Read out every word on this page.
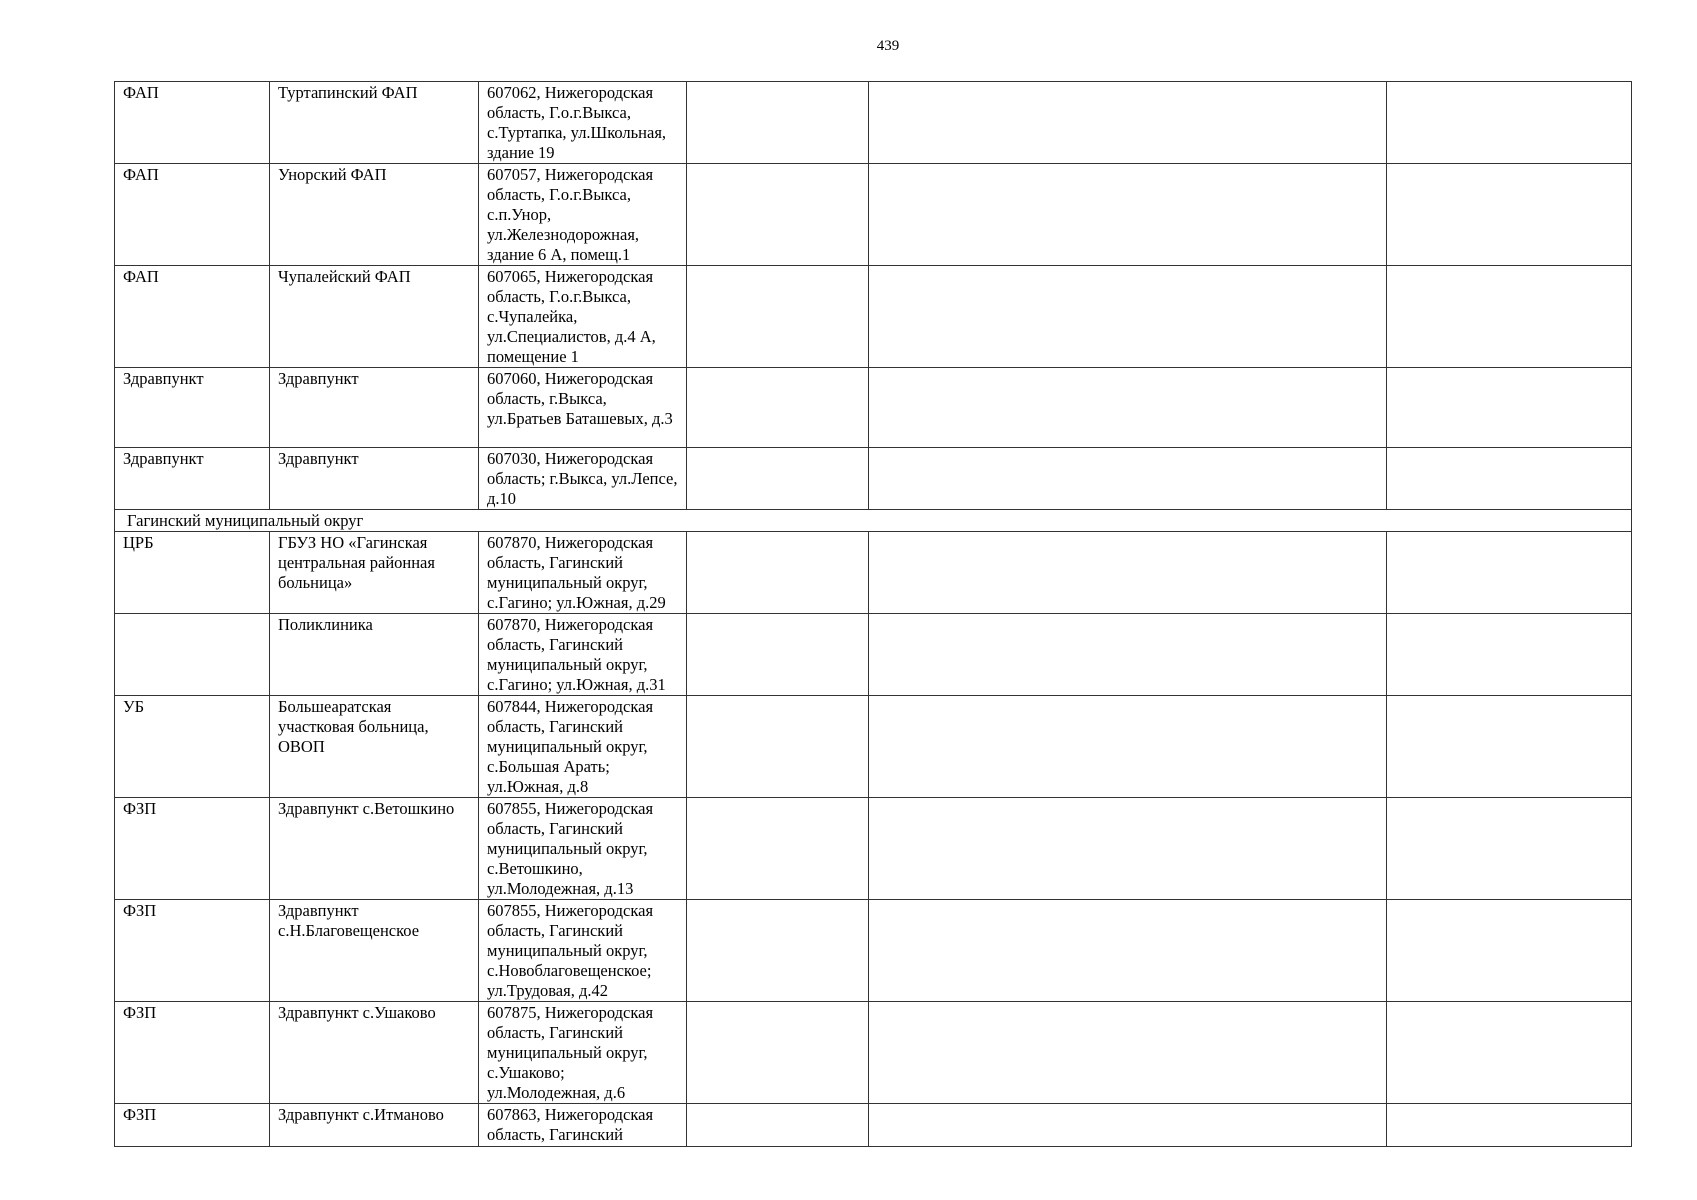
439
ФАП	Туртапинский ФАП	607062, Нижегородская область, Г.о.г.Выкса, с.Туртапка, ул.Школьная, здание 19			
ФАП	Унорский ФАП	607057, Нижегородская область, Г.о.г.Выкса, с.п.Унор, ул.Железнодорожная, здание 6 А, помещ.1			
ФАП	Чупалейский ФАП	607065, Нижегородская область, Г.о.г.Выкса, с.Чупалейка, ул.Специалистов, д.4 А, помещение 1			
Здравпункт	Здравпункт	607060, Нижегородская область, г.Выкса, ул.Братьев Баташевых, д.3			
Здравпункт	Здравпункт	607030, Нижегородская область; г.Выкса, ул.Лепсе, д.10			
Гагинский муниципальный округ					
ЦРБ	ГБУЗ НО «Гагинская центральная районная больница»	607870, Нижегородская область, Гагинский муниципальный округ, с.Гагино; ул.Южная, д.29			
	Поликлиника	607870, Нижегородская область, Гагинский муниципальный округ, с.Гагино; ул.Южная, д.31			
УБ	Большеаратская участковая больница, ОВОП	607844, Нижегородская область, Гагинский муниципальный округ, с.Большая Арать; ул.Южная, д.8			
ФЗП	Здравпункт с.Ветошкино	607855, Нижегородская область, Гагинский муниципальный округ, с.Ветошкино, ул.Молодежная, д.13			
ФЗП	Здравпункт с.Н.Благовещенское	607855, Нижегородская область, Гагинский муниципальный округ, с.Новоблаговещенское; ул.Трудовая, д.42			
ФЗП	Здравпункт с.Ушаково	607875, Нижегородская область, Гагинский муниципальный округ, с.Ушаково; ул.Молодежная, д.6			
ФЗП	Здравпункт с.Итманово	607863, Нижегородская область, Гагинский			
